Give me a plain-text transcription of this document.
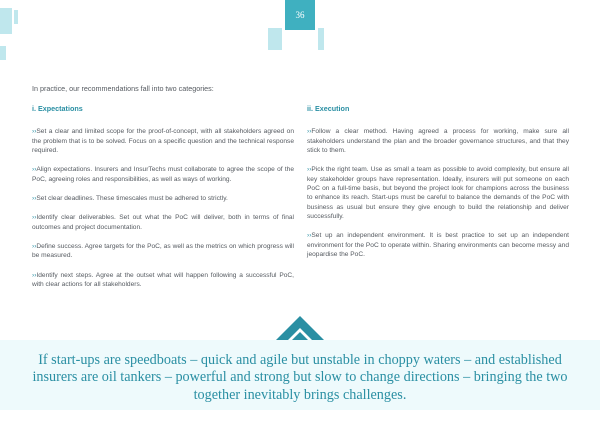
36
In practice, our recommendations fall into two categories:
i. Expectations

›› Set a clear and limited scope for the proof-of-concept, with all stakeholders agreed on the problem that is to be solved. Focus on a specific question and the technical response required.

›› Align expectations. Insurers and InsurTechs must collaborate to agree the scope of the PoC, agreeing roles and responsibilities, as well as ways of working.

›› Set clear deadlines. These timescales must be adhered to strictly.

›› Identify clear deliverables. Set out what the PoC will deliver, both in terms of final outcomes and project documentation.

›› Define success. Agree targets for the PoC, as well as the metrics on which progress will be measured.

›› Identify next steps. Agree at the outset what will happen following a successful PoC, with clear actions for all stakeholders.

ii. Execution

›› Follow a clear method. Having agreed a process for working, make sure all stakeholders understand the plan and the broader governance structures, and that they stick to them.

›› Pick the right team. Use as small a team as possible to avoid complexity, but ensure all key stakeholder groups have representation. Ideally, insurers will put someone on each PoC on a full-time basis, but beyond the project look for champions across the business to enhance its reach. Start-ups must be careful to balance the demands of the PoC with business as usual but ensure they give enough to build the relationship and deliver successfully.

›› Set up an independent environment. It is best practice to set up an independent environment for the PoC to operate within. Sharing environments can become messy and jeopardise the PoC.

If start-ups are speedboats – quick and agile but unstable in choppy waters – and established insurers are oil tankers – powerful and strong but slow to change directions – bringing the two together inevitably brings challenges.
